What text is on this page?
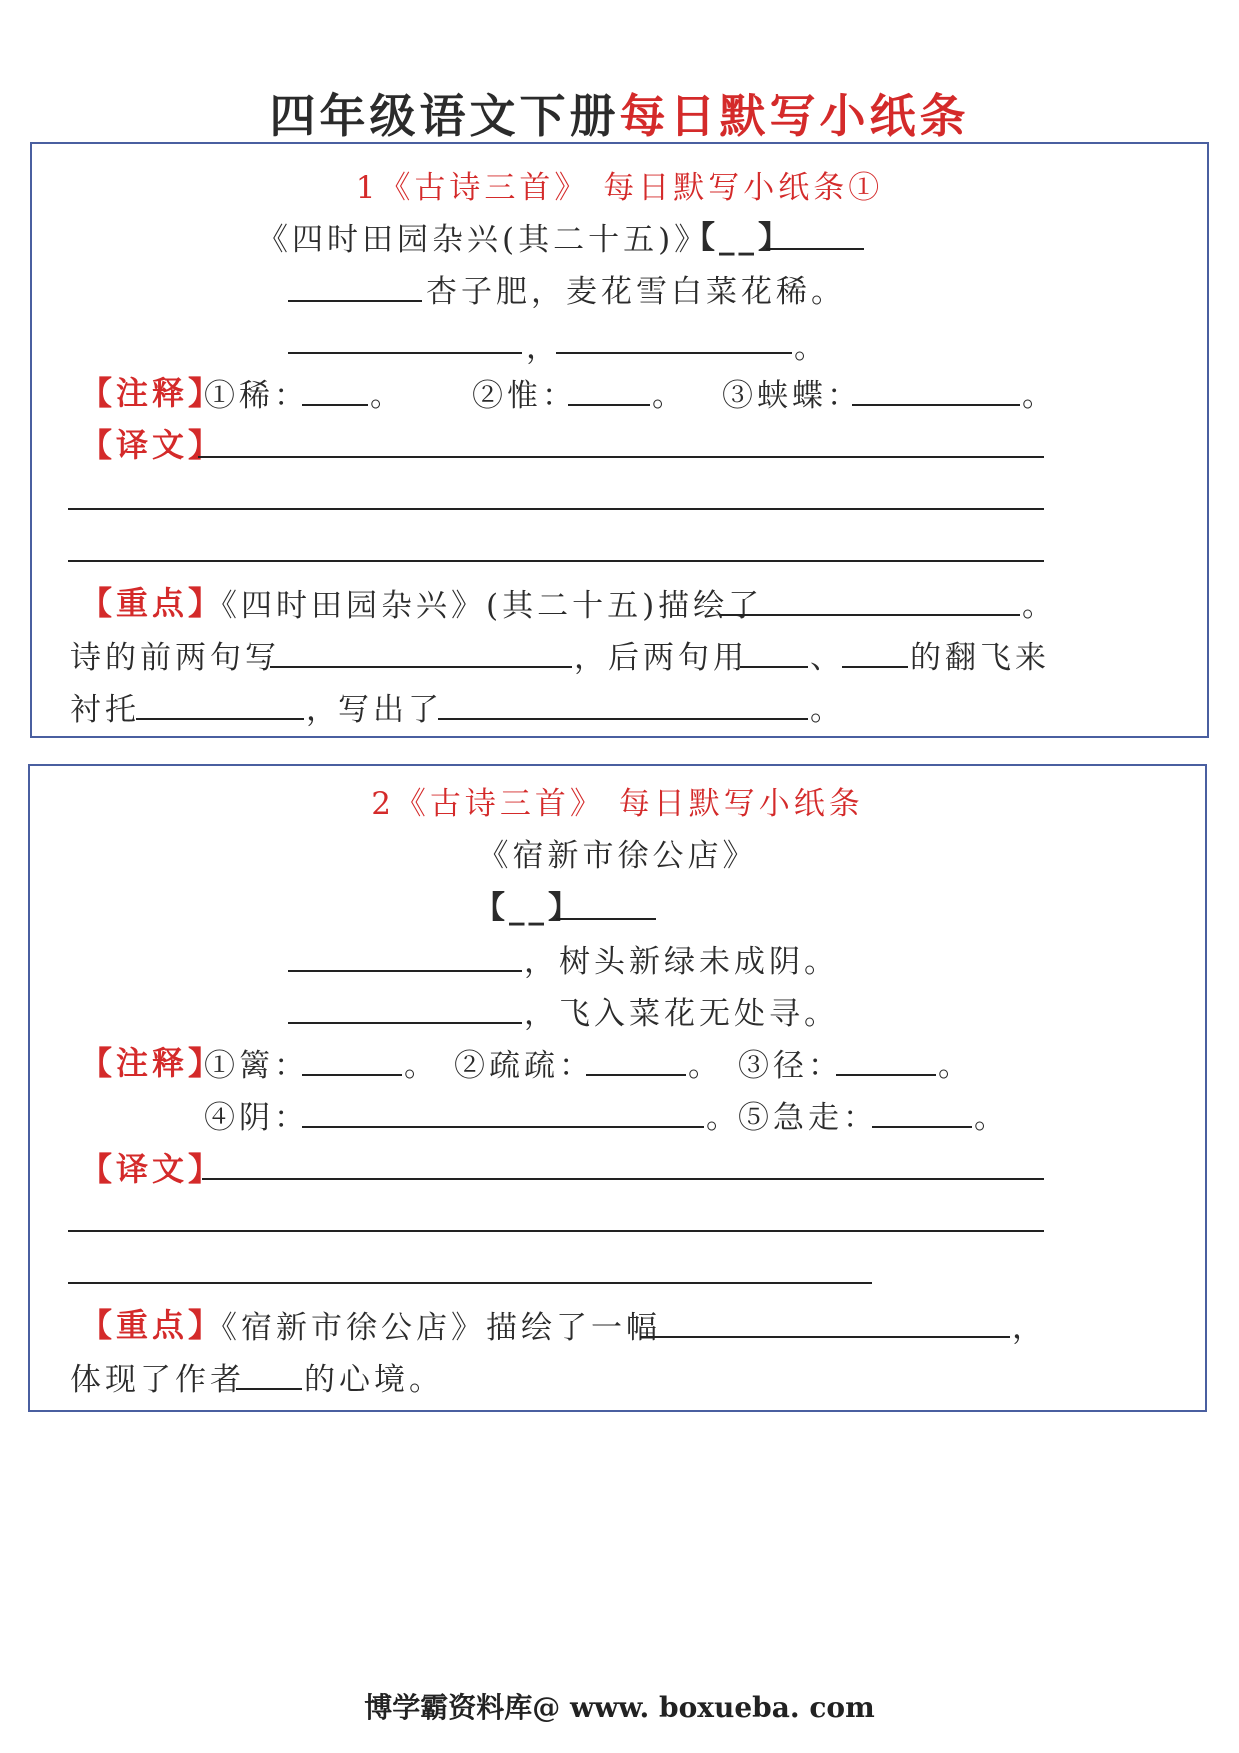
四年级语文下册每日默写小纸条
1《古诗三首》 每日默写小纸条①
《四时田园杂兴(其二十五)》
【__】
杏子肥，麦花雪白菜花稀。
，	。
【注释】
①稀： 。 ②惟： 。 ③蛱蝶：	。
【译文】
【重点】
《四时田园杂兴》(其二十五)描绘了	。
诗的前两句写	， 后两句用 、 的翻飞来
衬托	，
写出了	。
2《古诗三首》 每日默写小纸条
《宿新市徐公店》
【__】
，树头新绿未成阴。
，飞入菜花无处寻。
【注释】
①篱：	。 ②疏疏：	。 ③径：	。
④阴：	。
⑤急走：	。
【译文】
【重点】
《宿新市徐公店》描绘了一幅	，
体现了作者 的心境。
博学霸资料库@ www. boxueba. com
